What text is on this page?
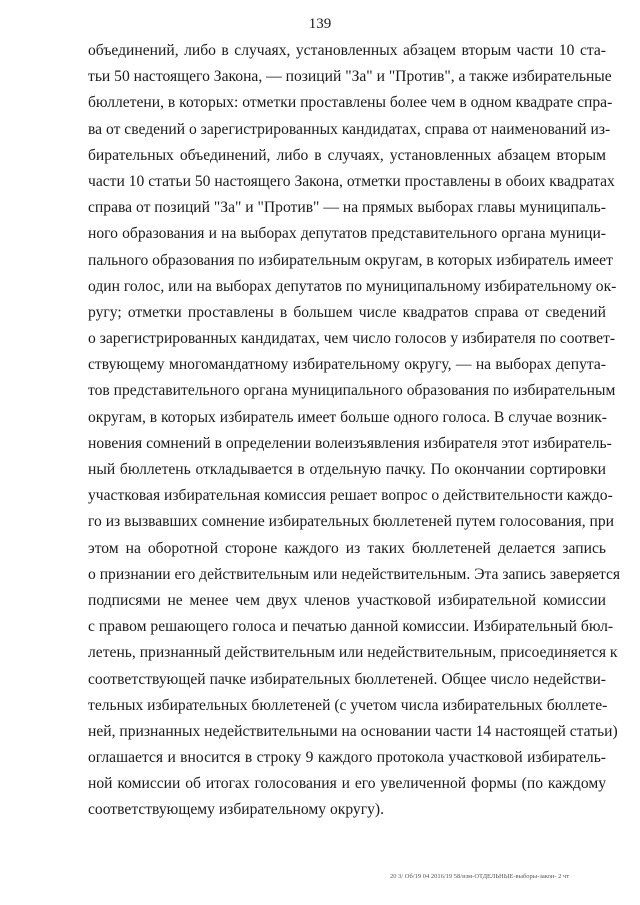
139
объединений, либо в случаях, установленных абзацем вторым части 10 ста-
тьи 50 настоящего Закона, — позиций "За" и "Против", а также избирательные
бюллетени, в которых: отметки проставлены более чем в одном квадрате спра-
ва от сведений о зарегистрированных кандидатах, справа от наименований из-
бирательных объединений, либо в случаях, установленных абзацем вторым
части 10 статьи 50 настоящего Закона, отметки проставлены в обоих квадратах
справа от позиций "За" и "Против" — на прямых выборах главы муниципаль-
ного образования и на выборах депутатов представительного органа муници-
пального образования по избирательным округам, в которых избиратель имеет
один голос, или на выборах депутатов по муниципальному избирательному ок-
ругу; отметки проставлены в большем числе квадратов справа от сведений
о зарегистрированных кандидатах, чем число голосов у избирателя по соответ-
ствующему многомандатному избирательному округу, — на выборах депута-
тов представительного органа муниципального образования по избирательным
округам, в которых избиратель имеет больше одного голоса. В случае возник-
новения сомнений в определении волеизъявления избирателя этот избиратель-
ный бюллетень откладывается в отдельную пачку. По окончании сортировки
участковая избирательная комиссия решает вопрос о действительности каждо-
го из вызвавших сомнение избирательных бюллетеней путем голосования, при
этом на оборотной стороне каждого из таких бюллетеней делается запись
о признании его действительным или недействительным. Эта запись заверяется
подписями не менее чем двух членов участковой избирательной комиссии
с правом решающего голоса и печатью данной комиссии. Избирательный бюл-
летень, признанный действительным или недействительным, присоединяется к
соответствующей пачке избирательных бюллетеней. Общее число недействи-
тельных избирательных бюллетеней (с учетом числа избирательных бюллете-
ней, признанных недействительными на основании части 14 настоящей статьи)
оглашается и вносится в строку 9 каждого протокола участковой избиратель-
ной комиссии об итогах голосования и его увеличенной формы (по каждому
соответствующему избирательному округу).
20 3/ Об/19 04 2016/19 58/изм-ОТДЕЛЬНЫЕ-выборы-закон- 2 чт
